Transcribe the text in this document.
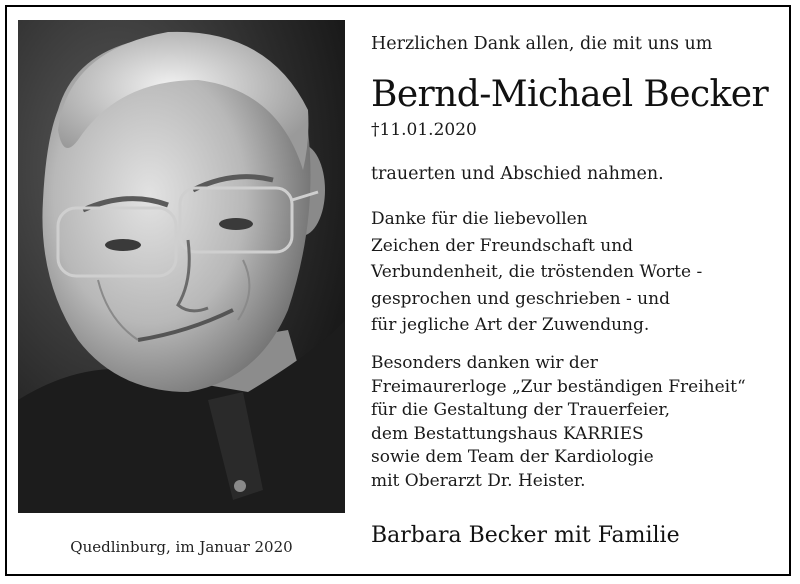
Quedlinburg, im Januar 2020
Herzlichen Dank allen, die mit uns um
Bernd-Michael Becker
†11.01.2020
trauerten und Abschied nahmen.
Danke für die liebevollen
Zeichen der Freundschaft und
Verbundenheit, die tröstenden Worte -
gesprochen und geschrieben - und
für jegliche Art der Zuwendung.
Besonders danken wir der
Freimaurerloge „Zur beständigen Freiheit“
für die Gestaltung der Trauerfeier,
dem Bestattungshaus KARRIES
sowie dem Team der Kardiologie
mit Oberarzt Dr. Heister.
Barbara Becker mit Familie
